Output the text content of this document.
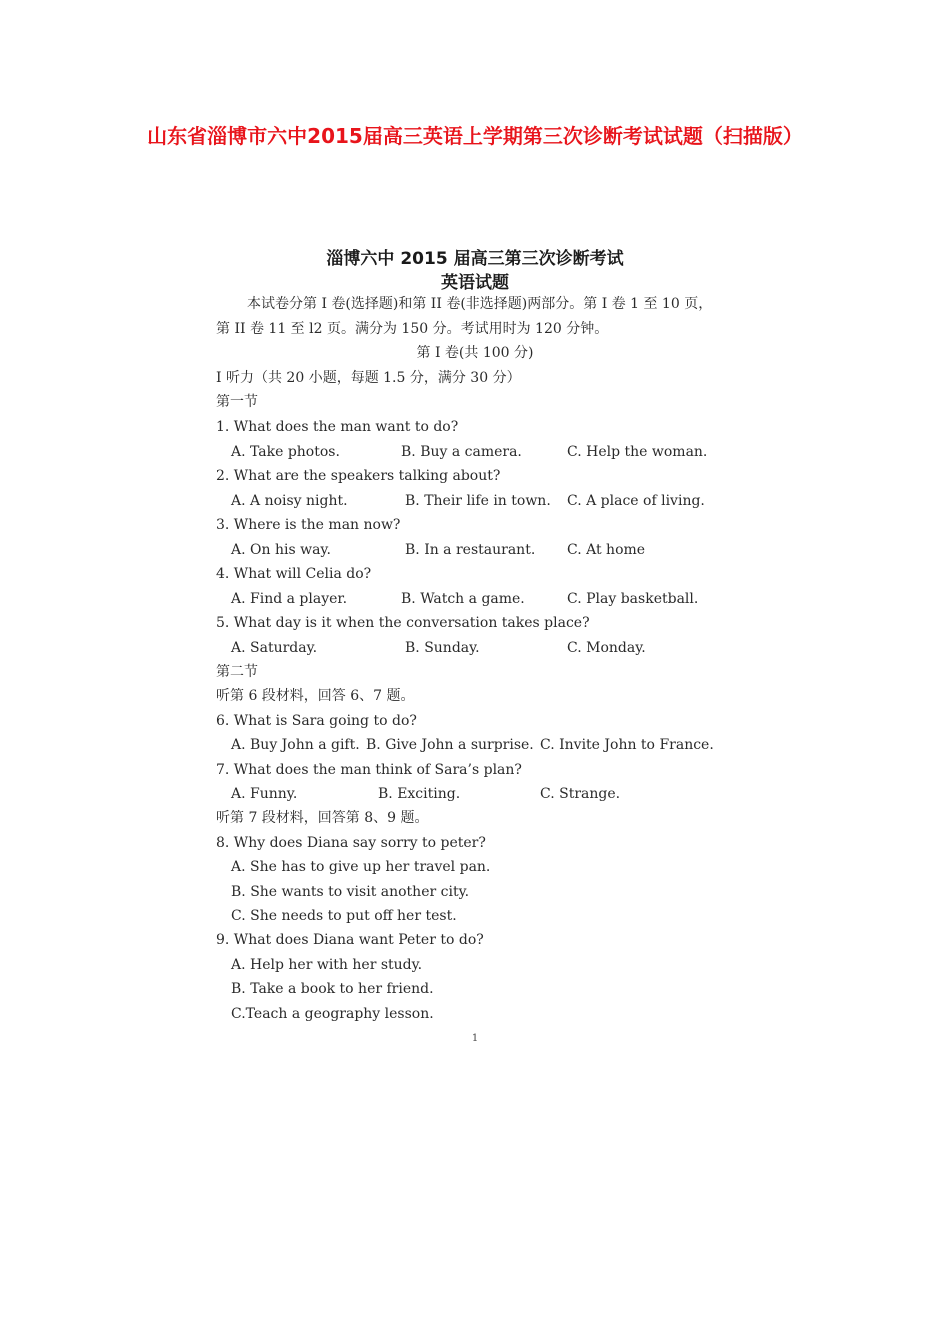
山东省淄博市六中2015届高三英语上学期第三次诊断考试试题（扫描版）
淄博六中 2015 届高三第三次诊断考试
英语试题
本试卷分第 I 卷(选择题)和第 II 卷(非选择题)两部分。第 I 卷 1 至 10 页，
第 II 卷 11 至 l2 页。满分为 150 分。考试用时为 120 分钟。
第 I 卷(共 100 分)
I 听力（共 20 小题，每题 1.5 分，满分 30 分）
第一节
1. What does the man want to do?
A. Take photos.	B. Buy a camera.	C. Help the woman.
2. What are the speakers talking about?
A. A noisy night.	B. Their life in town. C. A place of living.
3. Where is the man now?
A. On his way.	B. In a restaurant. C. At home
4. What will Celia do?
A. Find a player.	B. Watch a game.	C. Play basketball.
5. What day is it when the conversation takes place?
A. Saturday.	B. Sunday.	C. Monday.
第二节
听第 6 段材料，回答 6、7 题。
6. What is Sara going to do?
A. Buy John a gift. B. Give John a surprise. C. Invite John to France.
7. What does the man think of Sara’s plan?
A. Funny.	B. Exciting.	C. Strange.
听第 7 段材料，回答第 8、9 题。
8. Why does Diana say sorry to peter?
A. She has to give up her travel pan.
B. She wants to visit another city.
C. She needs to put off her test.
9. What does Diana want Peter to do?
A. Help her with her study.
B. Take a book to her friend.
C.Teach a geography lesson.
1
